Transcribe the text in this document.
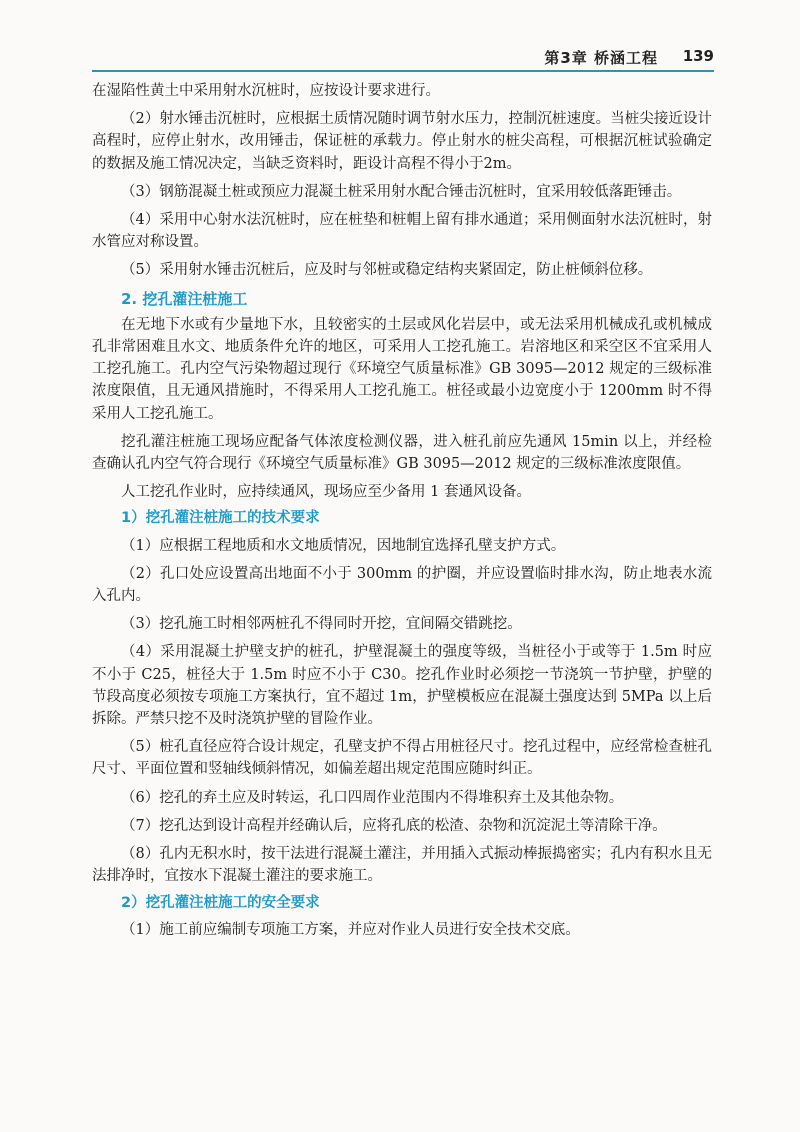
第3章 桥涵工程 139

在湿陷性黄土中采用射水沉桩时，应按设计要求进行。

（2）射水锤击沉桩时，应根据土质情况随时调节射水压力，控制沉桩速度。当桩尖接近设计高程时，应停止射水，改用锤击，保证桩的承载力。停止射水的桩尖高程，可根据沉桩试验确定的数据及施工情况决定，当缺乏资料时，距设计高程不得小于2m。

（3）钢筋混凝土桩或预应力混凝土桩采用射水配合锤击沉桩时，宜采用较低落距锤击。

（4）采用中心射水法沉桩时，应在桩垫和桩帽上留有排水通道；采用侧面射水法沉桩时，射水管应对称设置。

（5）采用射水锤击沉桩后，应及时与邻桩或稳定结构夹紧固定，防止桩倾斜位移。

2. 挖孔灌注桩施工

在无地下水或有少量地下水，且较密实的土层或风化岩层中，或无法采用机械成孔或机械成孔非常困难且水文、地质条件允许的地区，可采用人工挖孔施工。岩溶地区和采空区不宜采用人工挖孔施工。孔内空气污染物超过现行《环境空气质量标准》GB 3095—2012 规定的三级标准浓度限值，且无通风措施时，不得采用人工挖孔施工。桩径或最小边宽度小于 1200mm 时不得采用人工挖孔施工。

挖孔灌注桩施工现场应配备气体浓度检测仪器，进入桩孔前应先通风 15min 以上，并经检查确认孔内空气符合现行《环境空气质量标准》GB 3095—2012 规定的三级标准浓度限值。

人工挖孔作业时，应持续通风，现场应至少备用 1 套通风设备。

1）挖孔灌注桩施工的技术要求

（1）应根据工程地质和水文地质情况，因地制宜选择孔壁支护方式。

（2）孔口处应设置高出地面不小于 300mm 的护圈，并应设置临时排水沟，防止地表水流入孔内。

（3）挖孔施工时相邻两桩孔不得同时开挖，宜间隔交错跳挖。

（4）采用混凝土护壁支护的桩孔，护壁混凝土的强度等级，当桩径小于或等于 1.5m 时应不小于 C25，桩径大于 1.5m 时应不小于 C30。挖孔作业时必须挖一节浇筑一节护壁，护壁的节段高度必须按专项施工方案执行，宜不超过 1m，护壁模板应在混凝土强度达到 5MPa 以上后拆除。严禁只挖不及时浇筑护壁的冒险作业。

（5）桩孔直径应符合设计规定，孔壁支护不得占用桩径尺寸。挖孔过程中，应经常检查桩孔尺寸、平面位置和竖轴线倾斜情况，如偏差超出规定范围应随时纠正。

（6）挖孔的弃土应及时转运，孔口四周作业范围内不得堆积弃土及其他杂物。

（7）挖孔达到设计高程并经确认后，应将孔底的松渣、杂物和沉淀泥土等清除干净。

（8）孔内无积水时，按干法进行混凝土灌注，并用插入式振动棒振捣密实；孔内有积水且无法排净时，宜按水下混凝土灌注的要求施工。

2）挖孔灌注桩施工的安全要求

（1）施工前应编制专项施工方案，并应对作业人员进行安全技术交底。
